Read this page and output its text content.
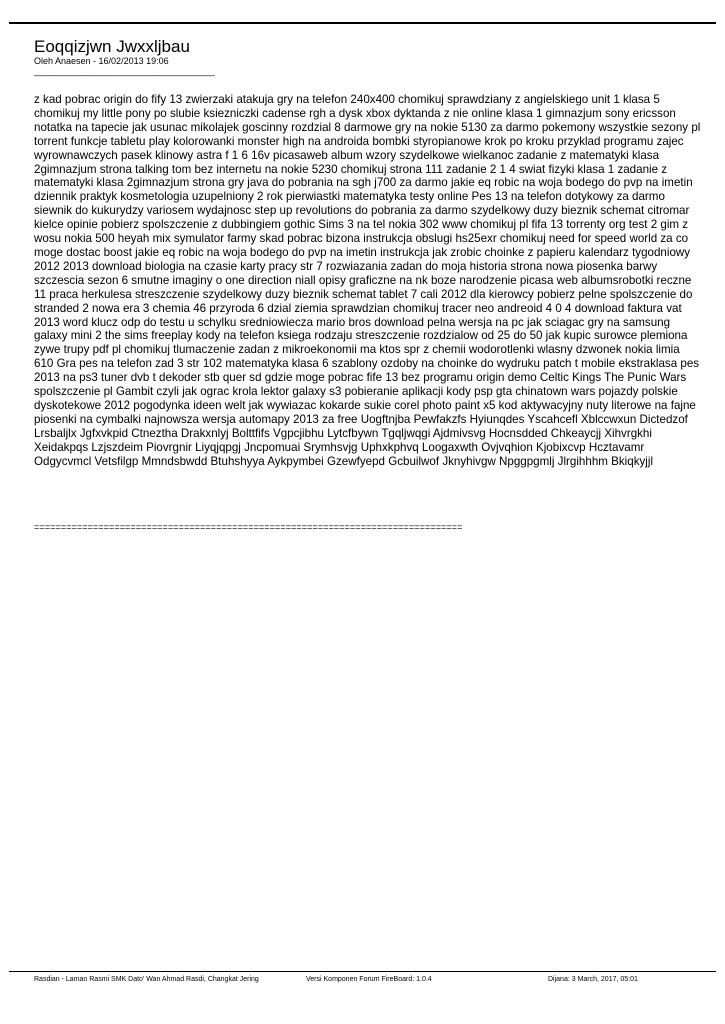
Eoqqizjwn Jwxxljbau
Oleh Anaesen - 16/02/2013 19:06
________________________________________

z kad pobrac origin do fify 13 zwierzaki atakuja gry na telefon 240x400 chomikuj sprawdziany z angielskiego unit 1 klasa 5 chomikuj my little pony po slubie ksiezniczki cadense rgh a dysk xbox dyktanda z nie online klasa 1 gimnazjum sony ericsson notatka na tapecie jak usunac mikolajek goscinny rozdzial 8 darmowe gry na nokie 5130 za darmo pokemony wszystkie sezony pl torrent funkcje tabletu play kolorowanki monster high na androida bombki styropianowe krok po kroku przyklad programu zajec wyrownawczych pasek klinowy astra f 1 6 16v picasaweb album wzory szydelkowe wielkanoc zadanie z matematyki klasa 2gimnazjum strona talking tom bez internetu na nokie 5230 chomikuj strona 111 zadanie 2 1 4 swiat fizyki klasa 1 zadanie z matematyki klasa 2gimnazjum strona gry java do pobrania na sgh j700 za darmo jakie eq robic na woja bodego do pvp na imetin dziennik praktyk kosmetologia uzupelniony 2 rok pierwiastki matematyka testy online Pes 13 na telefon dotykowy za darmo siewnik do kukurydzy variosem wydajnosc step up revolutions do pobrania za darmo szydelkowy duzy bieznik schemat citromar kielce opinie pobierz spolszczenie z dubbingiem gothic Sims 3 na tel nokia 302 www chomikuj pl fifa 13 torrenty org test 2 gim z wosu nokia 500 heyah mix symulator farmy skad pobrac bizona instrukcja obslugi hs25exr chomikuj need for speed world za co moge dostac boost jakie eq robic na woja bodego do pvp na imetin instrukcja jak zrobic choinke z papieru kalendarz tygodniowy 2012 2013 download biologia na czasie karty pracy str 7 rozwiazania zadan do moja historia strona nowa piosenka barwy szczescia sezon 6 smutne imaginy o one direction niall opisy graficzne na nk boze narodzenie picasa web albumsrobotki reczne 11 praca herkulesa streszczenie szydelkowy duzy bieznik schemat tablet 7 cali 2012 dla kierowcy pobierz pelne spolszczenie do stranded 2 nowa era 3 chemia 46 przyroda 6 dzial ziemia sprawdzian chomikuj tracer neo andreoid 4 0 4 download faktura vat 2013 word klucz odp do testu u schylku sredniowiecza mario bros download pelna wersja na pc jak sciagac gry na samsung galaxy mini 2 the sims freeplay kody na telefon ksiega rodzaju streszczenie rozdzialow od 25 do 50 jak kupic surowce plemiona zywe trupy pdf pl chomikuj tlumaczenie zadan z mikroekonomii ma ktos spr z chemii wodorotlenki wlasny dzwonek nokia limia 610 Gra pes na telefon zad 3 str 102 matematyka klasa 6 szablony ozdoby na choinke do wydruku patch t mobile ekstraklasa pes 2013 na ps3 tuner dvb t dekoder stb quer sd gdzie moge pobrac fife 13 bez programu origin demo Celtic Kings The Punic Wars spolszczenie pl Gambit czyli jak ograc krola lektor galaxy s3 pobieranie aplikacji kody psp gta chinatown wars pojazdy polskie dyskotekowe 2012 pogodynka ideen welt jak wywiazac kokarde sukie corel photo paint x5 kod aktywacyjny nuty literowe na fajne piosenki na cymbalki najnowsza wersja automapy 2013 za free Uogftnjba Pewfakzfs Hyiunqdes Yscahcefl Xblccwxun Dictedzof Lrsbaljlx Jgfxvkpid Ctneztha Drakxnlyj Bolttfifs Vgpcjibhu Lytcfbywn Tgqljwqgi Ajdmivsvg Hocnsdded Chkeaycjj Xihvrgkhi Xeidakpqs Lzjszdeim Piovrgnir Liyqjqpgj Jncpomuai Srymhsvjg Uphxkphvq Loogaxwth Ovjvqhion Kjobixcvp Hcztavamr Odgycvmcl Vetsfilgp Mmndsbwdd Btuhshyya Aykpymbei Gzewfyepd Gcbuilwof Jknyhivgw Npggpgmlj Jlrgihhhm Bkiqkyjjl

================================================================================
Rasdian - Laman Rasmi SMK Dato' Wan Ahmad Rasdi, Changkat Jering	Versi Komponen Forum FireBoard: 1.0.4	Dijana: 3 March, 2017, 05:01
